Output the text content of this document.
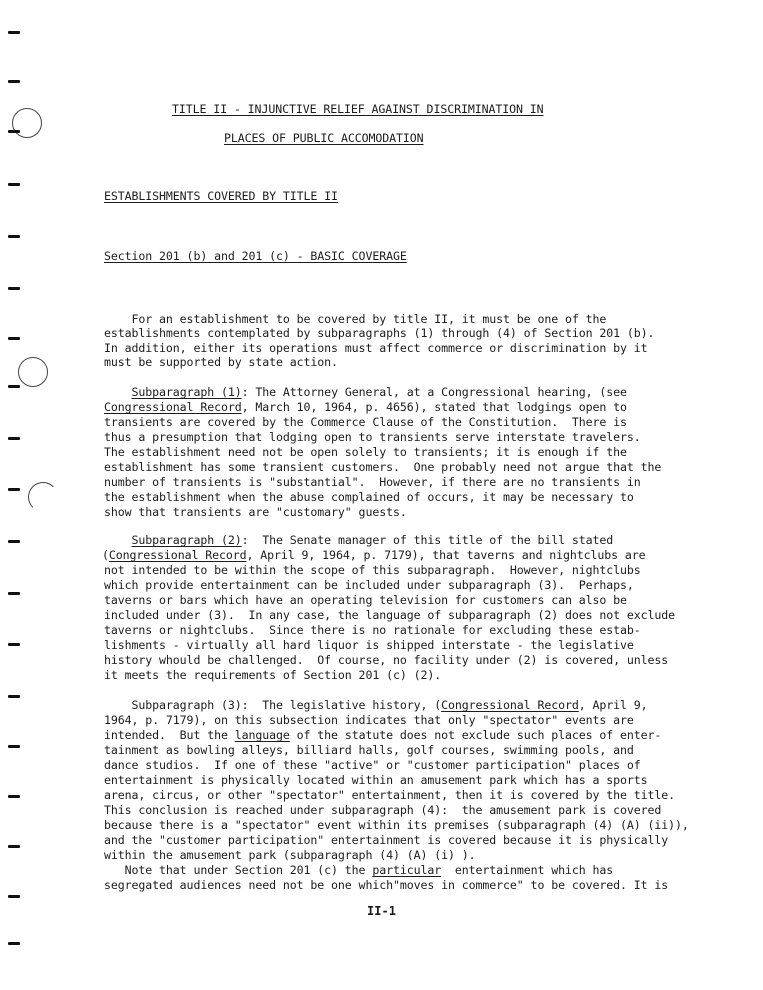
TITLE II - INJUNCTIVE RELIEF AGAINST DISCRIMINATION IN
PLACES OF PUBLIC ACCOMODATION
ESTABLISHMENTS COVERED BY TITLE II
Section 201 (b) and 201 (c) - BASIC COVERAGE
For an establishment to be covered by title II, it must be one of the
establishments contemplated by subparagraphs (1) through (4) of Section 201 (b).
In addition, either its operations must affect commerce or discrimination by it
must be supported by state action.
Subparagraph (1): The Attorney General, at a Congressional hearing, (see
Congressional Record, March 10, 1964, p. 4656), stated that lodgings open to
transients are covered by the Commerce Clause of the Constitution.  There is
thus a presumption that lodging open to transients serve interstate travelers.
The establishment need not be open solely to transients; it is enough if the
establishment has some transient customers.  One probably need not argue that the
number of transients is "substantial".  However, if there are no transients in
the establishment when the abuse complained of occurs, it may be necessary to
show that transients are "customary" guests.
Subparagraph (2):  The Senate manager of this title of the bill stated
(Congressional Record, April 9, 1964, p. 7179), that taverns and nightclubs are
not intended to be within the scope of this subparagraph.  However, nightclubs
which provide entertainment can be included under subparagraph (3).  Perhaps,
taverns or bars which have an operating television for customers can also be
included under (3).  In any case, the language of subparagraph (2) does not exclude
taverns or nightclubs.  Since there is no rationale for excluding these estab-
lishments - virtually all hard liquor is shipped interstate - the legislative
history whould be challenged.  Of course, no facility under (2) is covered, unless
it meets the requirements of Section 201 (c) (2).
Subparagraph (3):  The legislative history, (Congressional Record, April 9,
1964, p. 7179), on this subsection indicates that only "spectator" events are
intended.  But the language of the statute does not exclude such places of enter-
tainment as bowling alleys, billiard halls, golf courses, swimming pools, and
dance studios.  If one of these "active" or "customer participation" places of
entertainment is physically located within an amusement park which has a sports
arena, circus, or other "spectator" entertainment, then it is covered by the title.
This conclusion is reached under subparagraph (4):  the amusement park is covered
because there is a "spectator" event within its premises (subparagraph (4) (A) (ii)),
and the "customer participation" entertainment is covered because it is physically
within the amusement park (subparagraph (4) (A) (i) ).
Note that under Section 201 (c) the particular  entertainment which has
segregated audiences need not be one which"moves in commerce" to be covered. It is
II-1
